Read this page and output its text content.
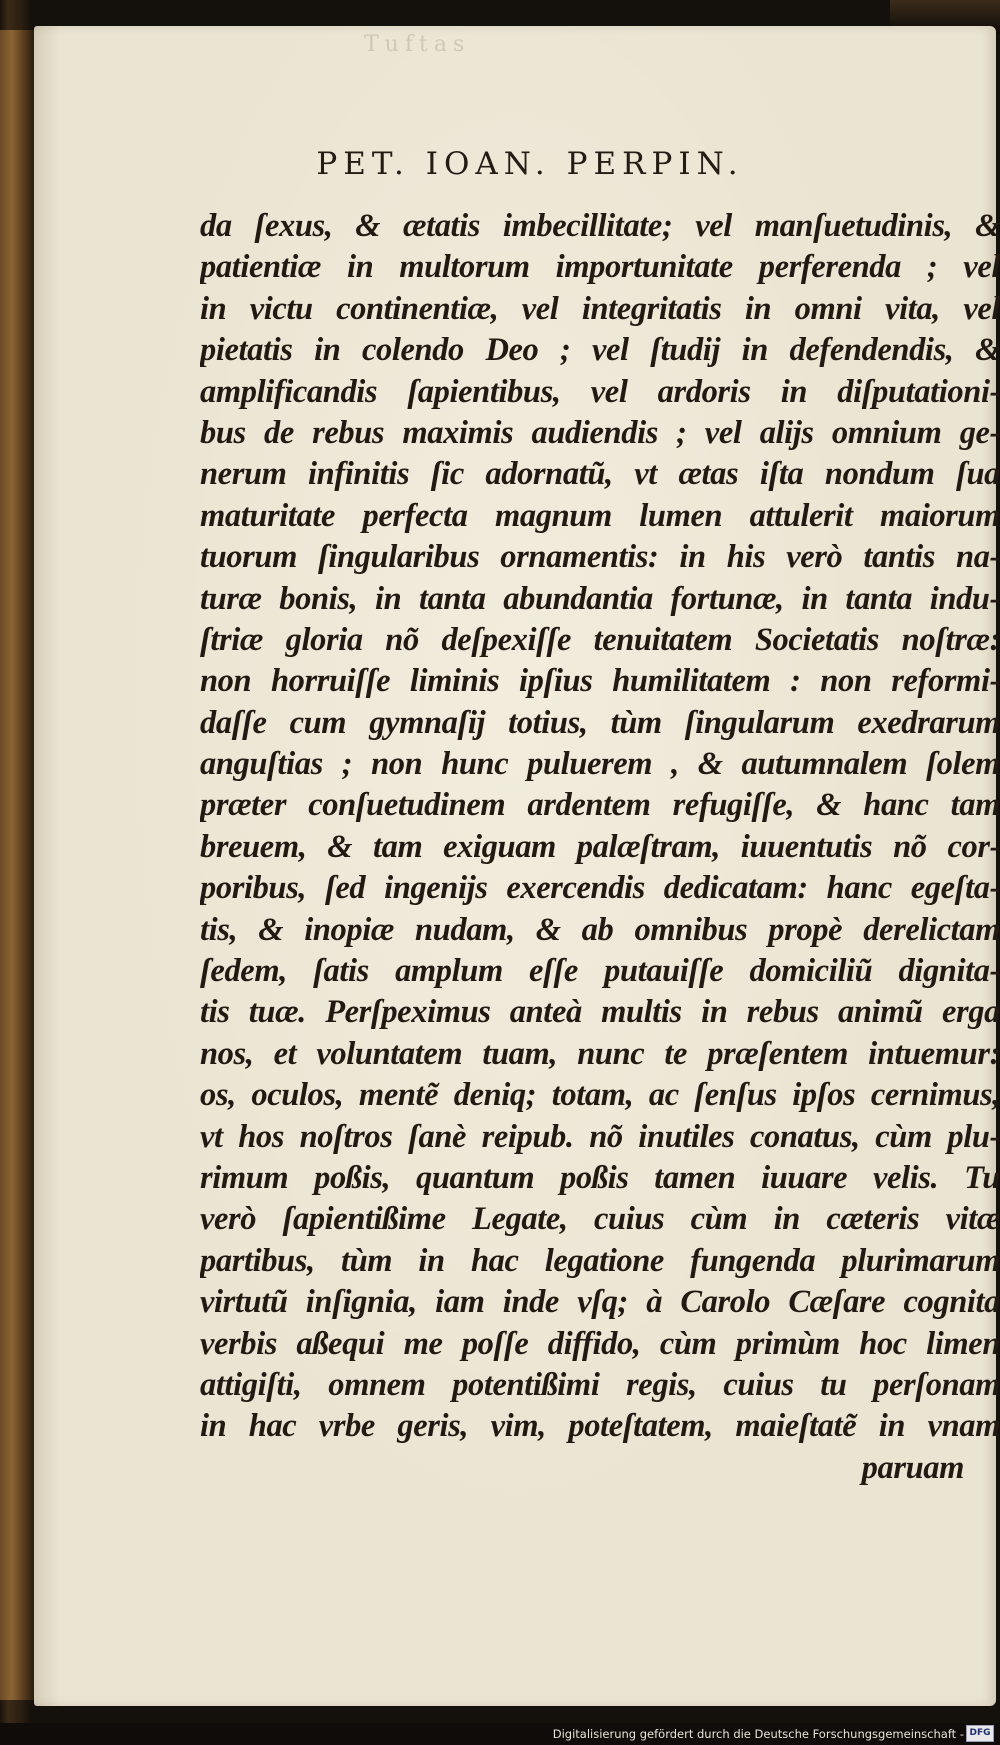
Tuftas
PET. IOAN. PERPIN.
da ſexus, & ætatis imbecillitate; vel manſuetudinis, &
patientiæ in multorum importunitate perferenda ; vel
in victu continentiæ, vel integritatis in omni vita, vel
pietatis in colendo Deo ; vel ſtudij in defendendis, &
amplificandis ſapientibus, vel ardoris in diſputationi-
bus de rebus maximis audiendis ; vel alijs omnium ge-
nerum infinitis ſic adornatũ, vt ætas iſta nondum ſua
maturitate perfecta magnum lumen attulerit maiorum
tuorum ſingularibus ornamentis: in his verò tantis na-
turæ bonis, in tanta abundantia fortunæ, in tanta indu-
ſtriæ gloria nõ deſpexiſſe tenuitatem Societatis noſtræ:
non horruiſſe liminis ipſius humilitatem : non reformi-
daſſe cum gymnaſij totius, tùm ſingularum exedrarum
anguſtias ; non hunc puluerem , & autumnalem ſolem
præter conſuetudinem ardentem refugiſſe, & hanc tam
breuem, & tam exiguam palæſtram, iuuentutis nõ cor-
poribus, ſed ingenijs exercendis dedicatam: hanc egeſta-
tis, & inopiæ nudam, & ab omnibus propè derelictam
ſedem, ſatis amplum eſſe putauiſſe domiciliũ dignita-
tis tuæ. Perſpeximus anteà multis in rebus animũ erga
nos, et voluntatem tuam, nunc te præſentem intuemur:
os, oculos, mentẽ deniq; totam, ac ſenſus ipſos cernimus,
vt hos noſtros ſanè reipub. nõ inutiles conatus, cùm plu-
rimum poßis, quantum poßis tamen iuuare velis. Tu
verò ſapientißime Legate, cuius cùm in cæteris vitæ
partibus, tùm in hac legatione fungenda plurimarum
virtutũ inſignia, iam inde vſq; à Carolo Cæſare cognita
verbis aßequi me poſſe diffido, cùm primùm hoc limen
attigiſti, omnem potentißimi regis, cuius tu perſonam
in hac vrbe geris, vim, poteſtatem, maieſtatẽ in vnam
paruam
Digitalisierung gefördert durch die Deutsche Forschungsgemeinschaft - DFG
